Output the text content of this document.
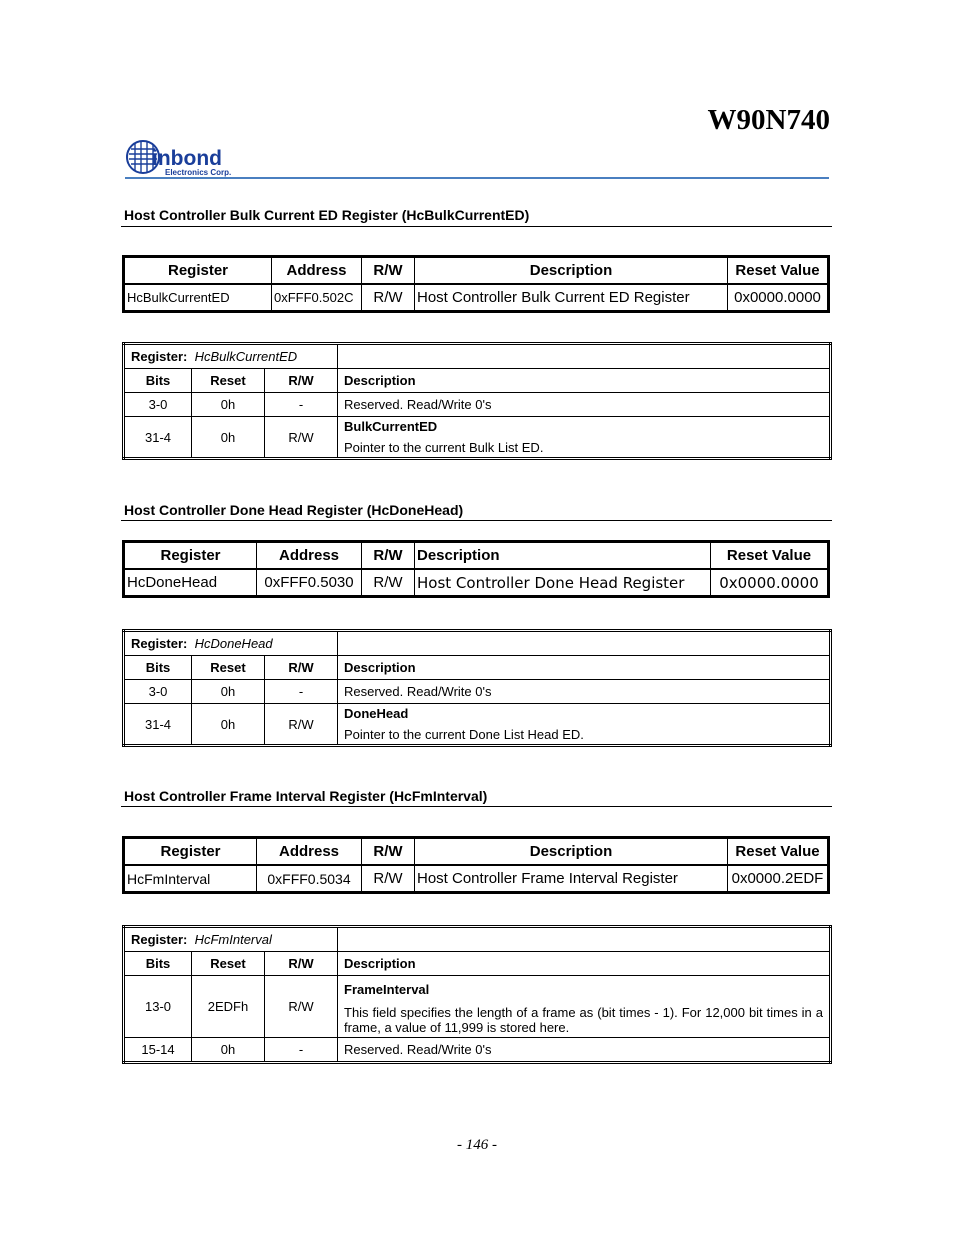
W90N740
inbond
Electronics Corp.
Host Controller Bulk Current ED Register (HcBulkCurrentED)
Register	Address	R/W	Description	Reset Value
HcBulkCurrentED	0xFFF0.502C	R/W	Host Controller Bulk Current ED Register	0x0000.0000
Register: HcBulkCurrentED			
Bits	Reset	R/W	Description
3-0	0h	-	Reserved. Read/Write 0's
31-4	0h	R/W	BulkCurrentED
Pointer to the current Bulk List ED.
Host Controller Done Head Register (HcDoneHead)
Register	Address	R/W	Description	Reset Value
HcDoneHead	0xFFF0.5030	R/W	Host Controller Done Head Register	0x0000.0000
Register: HcDoneHead			
Bits	Reset	R/W	Description
3-0	0h	-	Reserved. Read/Write 0's
31-4	0h	R/W	DoneHead
Pointer to the current Done List Head ED.
Host Controller Frame Interval Register (HcFmInterval)
Register	Address	R/W	Description	Reset Value
HcFmInterval	0xFFF0.5034	R/W	Host Controller Frame Interval Register	0x0000.2EDF
Register: HcFmInterval			
Bits	Reset	R/W	Description
13-0	2EDFh	R/W	FrameInterval
This field specifies the length of a frame as (bit times - 1). For 12,000 bit times in a frame, a value of 11,999 is stored here.

15-14	0h	-	Reserved. Read/Write 0's
- 146 -
